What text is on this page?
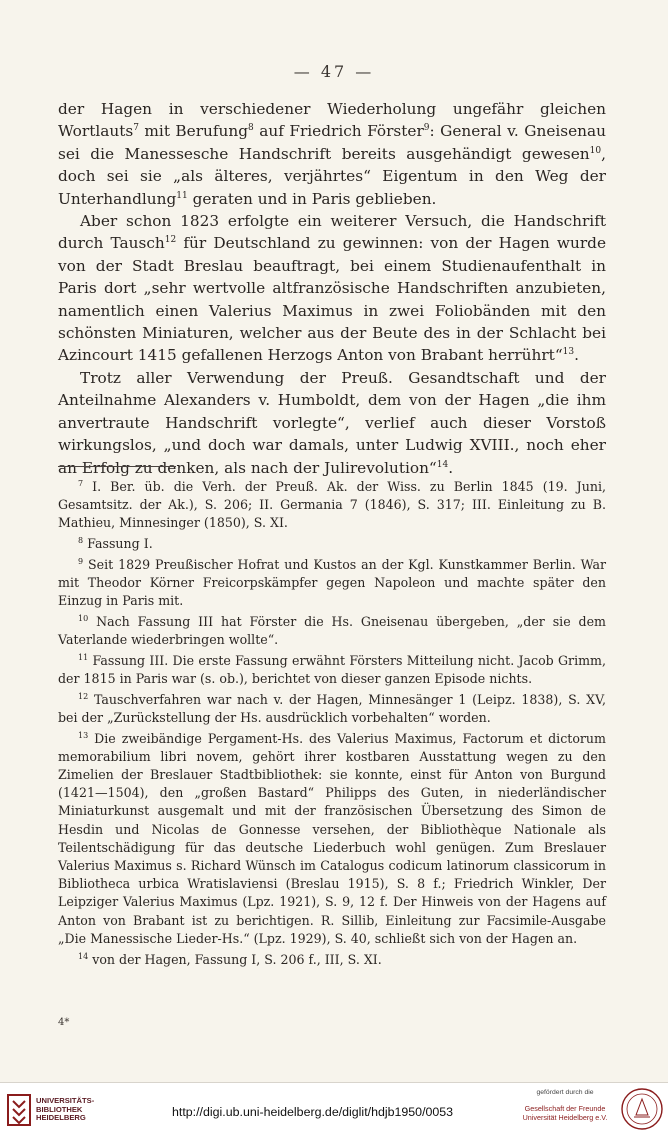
— 47 —

der Hagen in verschiedener Wiederholung ungefähr gleichen Wortlauts$^7$ mit Berufung$^8$ auf Friedrich Förster$^9$: General v. Gneisenau sei die Manessesche Handschrift bereits ausgehändigt gewesen$^{10}$, doch sei sie „als älteres, verjährtes“ Eigentum in den Weg der Unterhandlung$^{11}$ geraten und in Paris geblieben.

Aber schon 1823 erfolgte ein weiterer Versuch, die Handschrift durch Tausch$^{12}$ für Deutschland zu gewinnen: von der Hagen wurde von der Stadt Breslau beauftragt, bei einem Studienaufenthalt in Paris dort „sehr wertvolle altfranzösische Handschriften anzubieten, namentlich einen Valerius Maximus in zwei Foliobänden mit den schönsten Miniaturen, welcher aus der Beute des in der Schlacht bei Azincourt 1415 gefallenen Herzogs Anton von Brabant herrührt“$^{13}$.

Trotz aller Verwendung der Preuß. Gesandtschaft und der Anteilnahme Alexanders v. Humboldt, dem von der Hagen „die ihm anvertraute Handschrift vorlegte“, verlief auch dieser Vorstoß wirkungslos, „und doch war damals, unter Ludwig XVIII., noch eher an Erfolg zu denken, als nach der Julirevolution“$^{14}$.

$^7$ I. Ber. üb. die Verh. der Preuß. Ak. der Wiss. zu Berlin 1845 (19. Juni, Gesamtsitz. der Ak.), S. 206; II. Germania 7 (1846), S. 317; III. Einleitung zu B. Mathieu, Minnesinger (1850), S. XI.

$^8$ Fassung I.

$^9$ Seit 1829 Preußischer Hofrat und Kustos an der Kgl. Kunstkammer Berlin. War mit Theodor Körner Freicorpskämpfer gegen Napoleon und machte später den Einzug in Paris mit.

$^{10}$ Nach Fassung III hat Förster die Hs. Gneisenau übergeben, „der sie dem Vaterlande wiederbringen wollte“.

$^{11}$ Fassung III. Die erste Fassung erwähnt Försters Mitteilung nicht. Jacob Grimm, der 1815 in Paris war (s. ob.), berichtet von dieser ganzen Episode nichts.

$^{12}$ Tauschverfahren war nach v. der Hagen, Minnesänger 1 (Leipz. 1838), S. XV, bei der „Zurückstellung der Hs. ausdrücklich vorbehalten“ worden.

$^{13}$ Die zweibändige Pergament-Hs. des Valerius Maximus, Factorum et dictorum memorabilium libri novem, gehört ihrer kostbaren Ausstattung wegen zu den Zimelien der Breslauer Stadtbibliothek: sie konnte, einst für Anton von Burgund (1421—1504), den „großen Bastard“ Philipps des Guten, in niederländischer Miniaturkunst ausgemalt und mit der französischen Übersetzung des Simon de Hesdin und Nicolas de Gonnesse versehen, der Bibliothèque Nationale als Teilentschädigung für das deutsche Liederbuch wohl genügen. Zum Breslauer Valerius Maximus s. Richard Wünsch im Catalogus codicum latinorum classicorum in Bibliotheca urbica Wratislaviensi (Breslau 1915), S. 8 f.; Friedrich Winkler, Der Leipziger Valerius Maximus (Lpz. 1921), S. 9, 12 f. Der Hinweis von der Hagens auf Anton von Brabant ist zu berichtigen. R. Sillib, Einleitung zur Facsimile-Ausgabe „Die Manessische Lieder-Hs.“ (Lpz. 1929), S. 40, schließt sich von der Hagen an.

$^{14}$ von der Hagen, Fassung I, S. 206 f., III, S. XI.

4*
UNIVERSITÄTS-
BIBLIOTHEK
HEIDELBERG	http://digi.ub.uni-heidelberg.de/diglit/hdjb1950/0053
gefördert durch die
Gesellschaft der Freunde
Universität Heidelberg e.V.
